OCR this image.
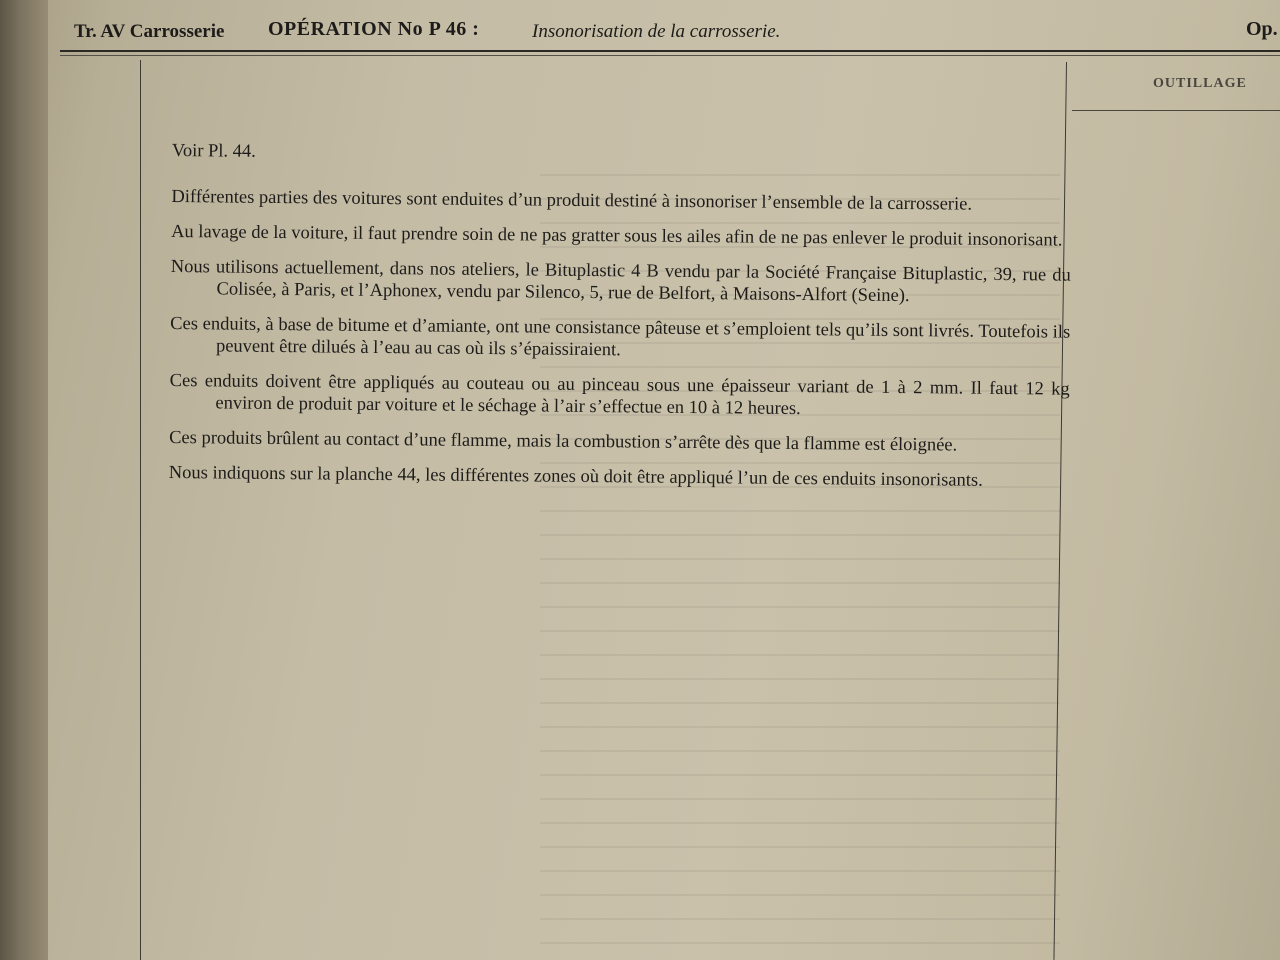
Tr. AV Carrosserie OPÉRATION No P 46 :	Insonorisation de la carrosserie.	Op.
OUTILLAGE

Voir Pl. 44.

Différentes parties des voitures sont enduites d’un produit destiné à insonoriser l’ensemble de la carrosserie.

Au lavage de la voiture, il faut prendre soin de ne pas gratter sous les ailes afin de ne pas enlever le produit insonorisant.

Nous utilisons actuellement, dans nos ateliers, le Bituplastic 4 B vendu par la Société Française Bituplastic, 39, rue du Colisée, à Paris, et l’Aphonex, vendu par Silenco, 5, rue de Belfort, à Maisons-Alfort (Seine).

Ces enduits, à base de bitume et d’amiante, ont une consistance pâteuse et s’emploient tels qu’ils sont livrés. Toutefois ils peuvent être dilués à l’eau au cas où ils s’épaissiraient.

Ces enduits doivent être appliqués au couteau ou au pinceau sous une épaisseur variant de 1 à 2 mm. Il faut 12 kg environ de produit par voiture et le séchage à l’air s’effectue en 10 à 12 heures.

Ces produits brûlent au contact d’une flamme, mais la combustion s’arrête dès que la flamme est éloignée.

Nous indiquons sur la planche 44, les différentes zones où doit être appliqué l’un de ces enduits insonorisants.
